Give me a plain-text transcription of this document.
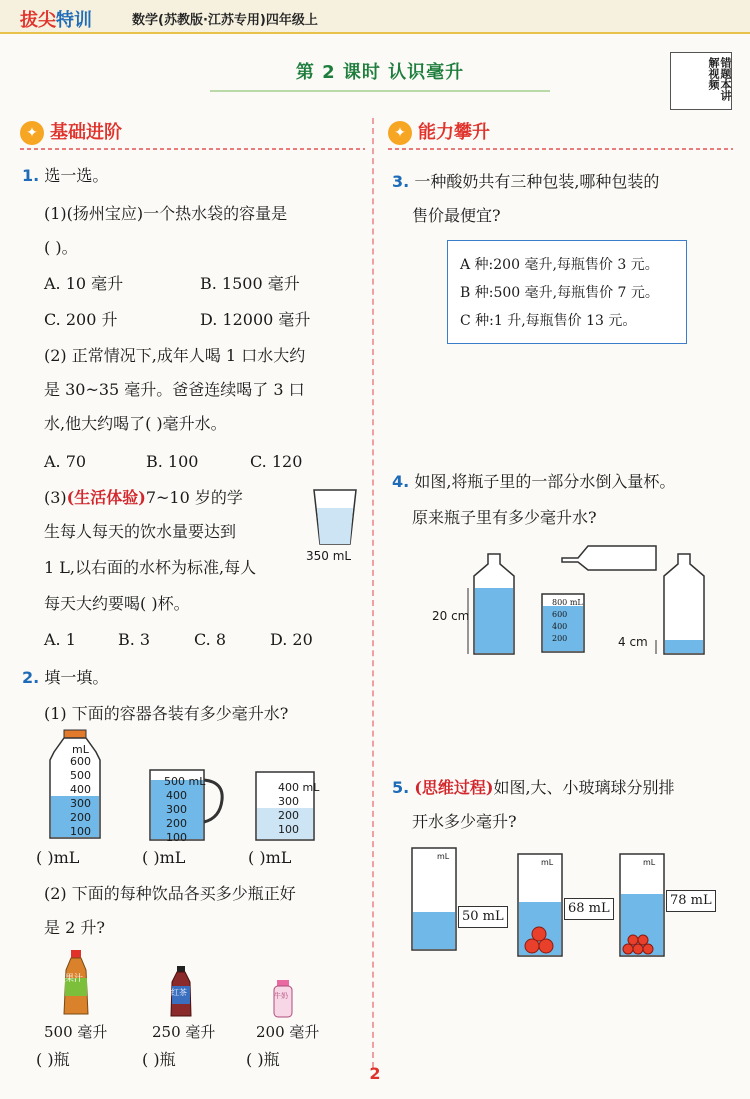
拔尖特训	数学(苏教版·江苏专用)四年级上
第 2 课时 认识毫升	错题本讲解视频
✦ 基础进阶	✦ 能力攀升
1. 选一选。
(1)(扬州宝应)一个热水袋的容量是
( )。
A. 10 毫升	B. 1500 毫升
C. 200 升	D. 12000 毫升
(2) 正常情况下,成年人喝 1 口水大约
是 30~35 毫升。爸爸连续喝了 3 口
水,他大约喝了( )毫升水。
A. 70	B. 100	C. 120
(3)(生活体验)7~10 岁的学
生每人每天的饮水量要达到
1 L,以右面的水杯为标准,每人
每天大约要喝( )杯。
A. 1	B. 3	C. 8	D. 20
350 mL
2. 填一填。
(1) 下面的容器各装有多少毫升水?
mL
600
500
400
300
200
100
500 mL
400
300
200
100
400 mL
300
200
100
( )mL	( )mL	( )mL
(2) 下面的每种饮品各买多少瓶正好
是 2 升?
果汁
红茶	牛奶
500 毫升	250 毫升	200 毫升
( )瓶	( )瓶	( )瓶
3. 一种酸奶共有三种包装,哪种包装的
售价最便宜?
A 种:200 毫升,每瓶售价 3 元。
B 种:500 毫升,每瓶售价 7 元。
C 种:1 升,每瓶售价 13 元。
4. 如图,将瓶子里的一部分水倒入量杯。
原来瓶子里有多少毫升水?
20 cm
800 mL
600
400
200	4 cm
5. (思维过程)如图,大、小玻璃球分别排
开水多少毫升?
mL
50 mL
mL
68 mL
mL
78 mL
2
